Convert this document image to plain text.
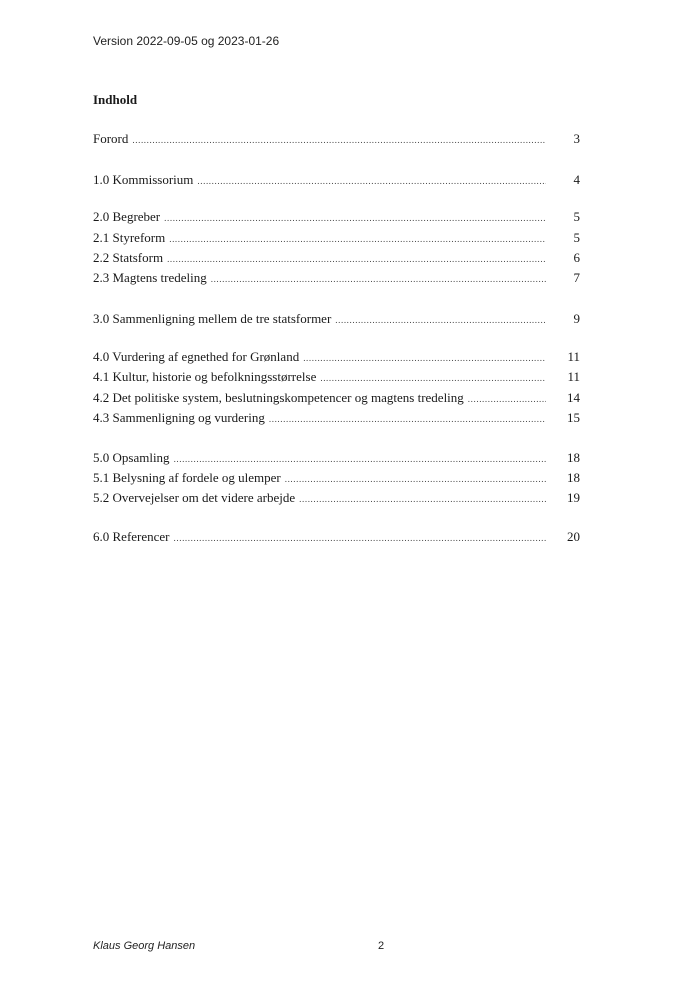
Version 2022-09-05 og 2023-01-26
Indhold
Forord .....	3
1.0 Kommissorium .....	4
2.0 Begreber .....	5
2.1 Styreform .....	5
2.2 Statsform .....	6
2.3 Magtens tredeling .....	7
3.0 Sammenligning mellem de tre statsformer .....	9
4.0 Vurdering af egnethed for Grønland .....	11
4.1 Kultur, historie og befolkningsstørrelse .....	11
4.2 Det politiske system, beslutningskompetencer og magtens tredeling .....	14
4.3 Sammenligning og vurdering .....	15
5.0 Opsamling .....	18
5.1 Belysning af fordele og ulemper .....	18
5.2 Overvejelser om det videre arbejde .....	19
6.0 Referencer .....	20
Klaus Georg Hansen	2
